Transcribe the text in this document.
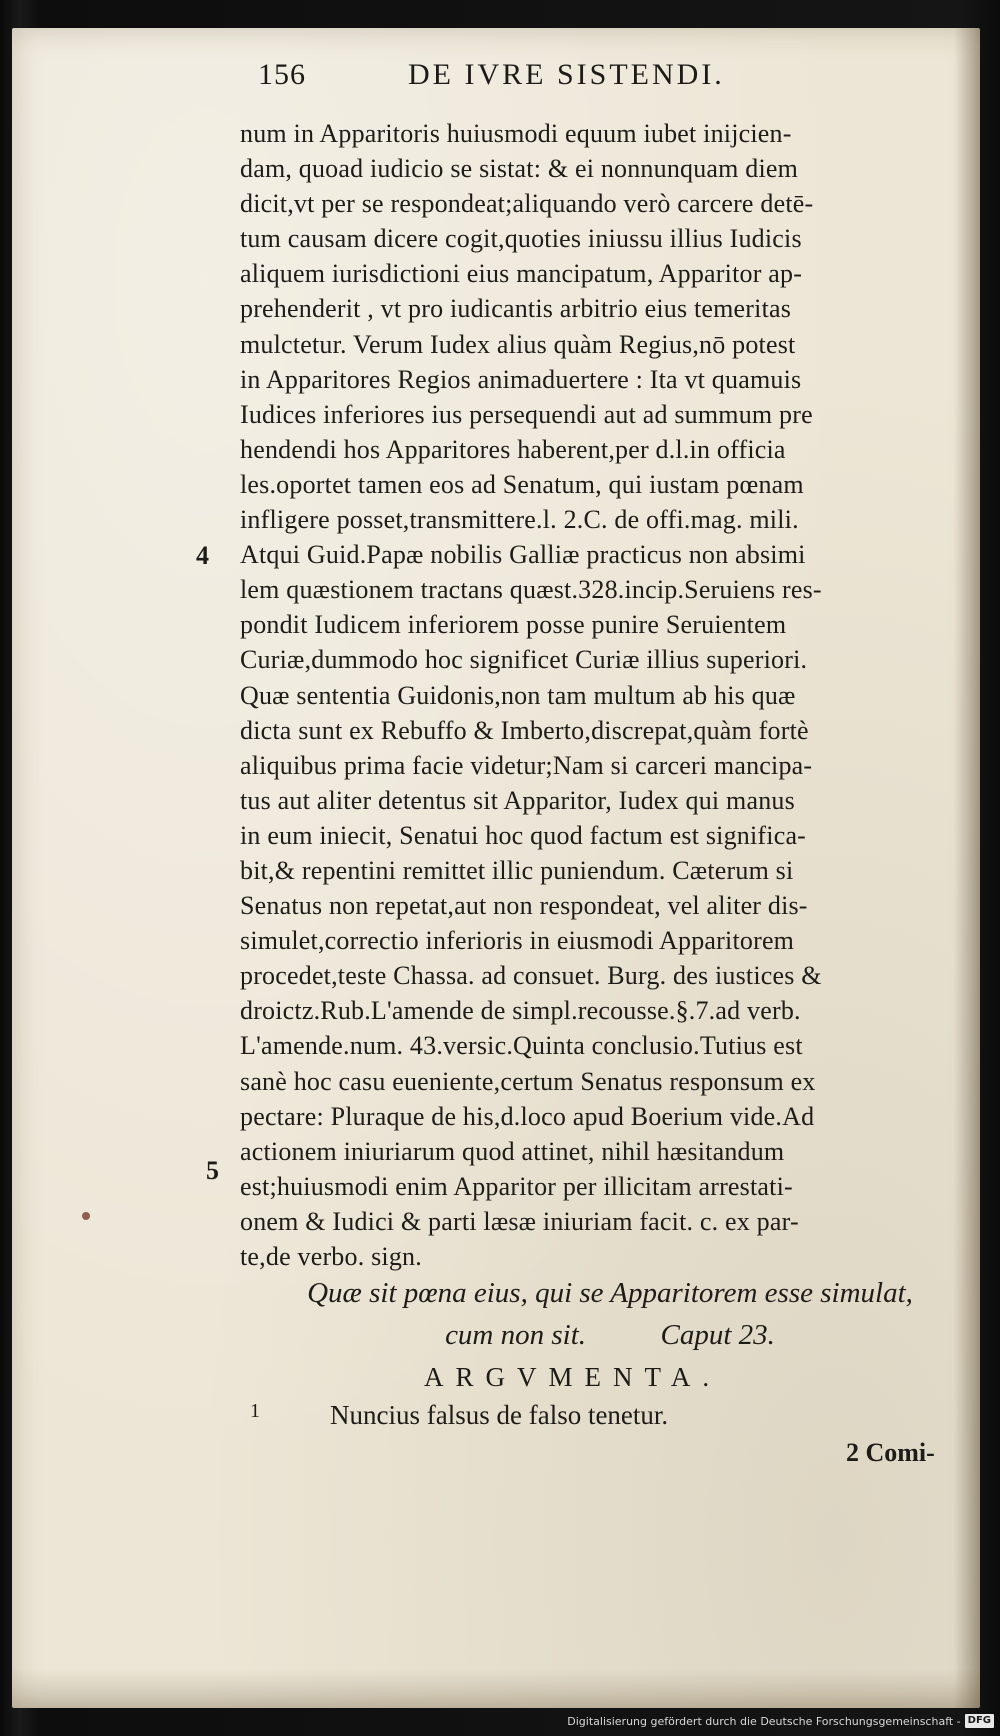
156	DE IVRE SISTENDI.
num in Apparitoris huiusmodi equum iubet inijcien-
dam, quoad iudicio se sistat: & ei nonnunquam diem
dicit,vt per se respondeat;aliquando verò carcere detē-
tum causam dicere cogit,quoties iniussu illius Iudicis
aliquem iurisdictioni eius mancipatum, Apparitor ap-
prehenderit , vt pro iudicantis arbitrio eius temeritas
mulctetur. Verum Iudex alius quàm Regius,nō potest
in Apparitores Regios animaduertere : Ita vt quamuis
Iudices inferiores ius persequendi aut ad summum pre
hendendi hos Apparitores haberent,per d.l.in officia
les.oportet tamen eos ad Senatum, qui iustam pœnam
infligere posset,transmittere.l. 2.C. de offi.mag. mili.
Atqui Guid.Papæ nobilis Galliæ practicus non absimi
lem quæstionem tractans quæst.328.incip.Seruiens res-
pondit Iudicem inferiorem posse punire Seruientem
Curiæ,dummodo hoc significet Curiæ illius superiori.
Quæ sententia Guidonis,non tam multum ab his quæ
dicta sunt ex Rebuffo & Imberto,discrepat,quàm fortè
aliquibus prima facie videtur;Nam si carceri mancipa-
tus aut aliter detentus sit Apparitor, Iudex qui manus
in eum iniecit, Senatui hoc quod factum est significa-
bit,& repentini remittet illic puniendum. Cæterum si
Senatus non repetat,aut non respondeat, vel aliter dis-
simulet,correctio inferioris in eiusmodi Apparitorem
procedet,teste Chassa. ad consuet. Burg. des iustices &
droictz.Rub.L'amende de simpl.recousse.§.7.ad verb.
L'amende.num. 43.versic.Quinta conclusio.Tutius est
sanè hoc casu eueniente,certum Senatus responsum ex
pectare: Pluraque de his,d.loco apud Boerium vide.Ad
actionem iniuriarum quod attinet, nihil hæsitandum
est;huiusmodi enim Apparitor per illicitam arrestati-
onem & Iudici & parti læsæ iniuriam facit. c. ex par-
te,de verbo. sign.
4
5
Quæ sit pœna eius, qui se Apparitorem esse simulat,
cum non sit.	Caput 23.
ARGVMENTA.
1	Nuncius falsus de falso tenetur.
2 Comi-
Digitalisierung gefördert durch die Deutsche Forschungsgemeinschaft - DFG
